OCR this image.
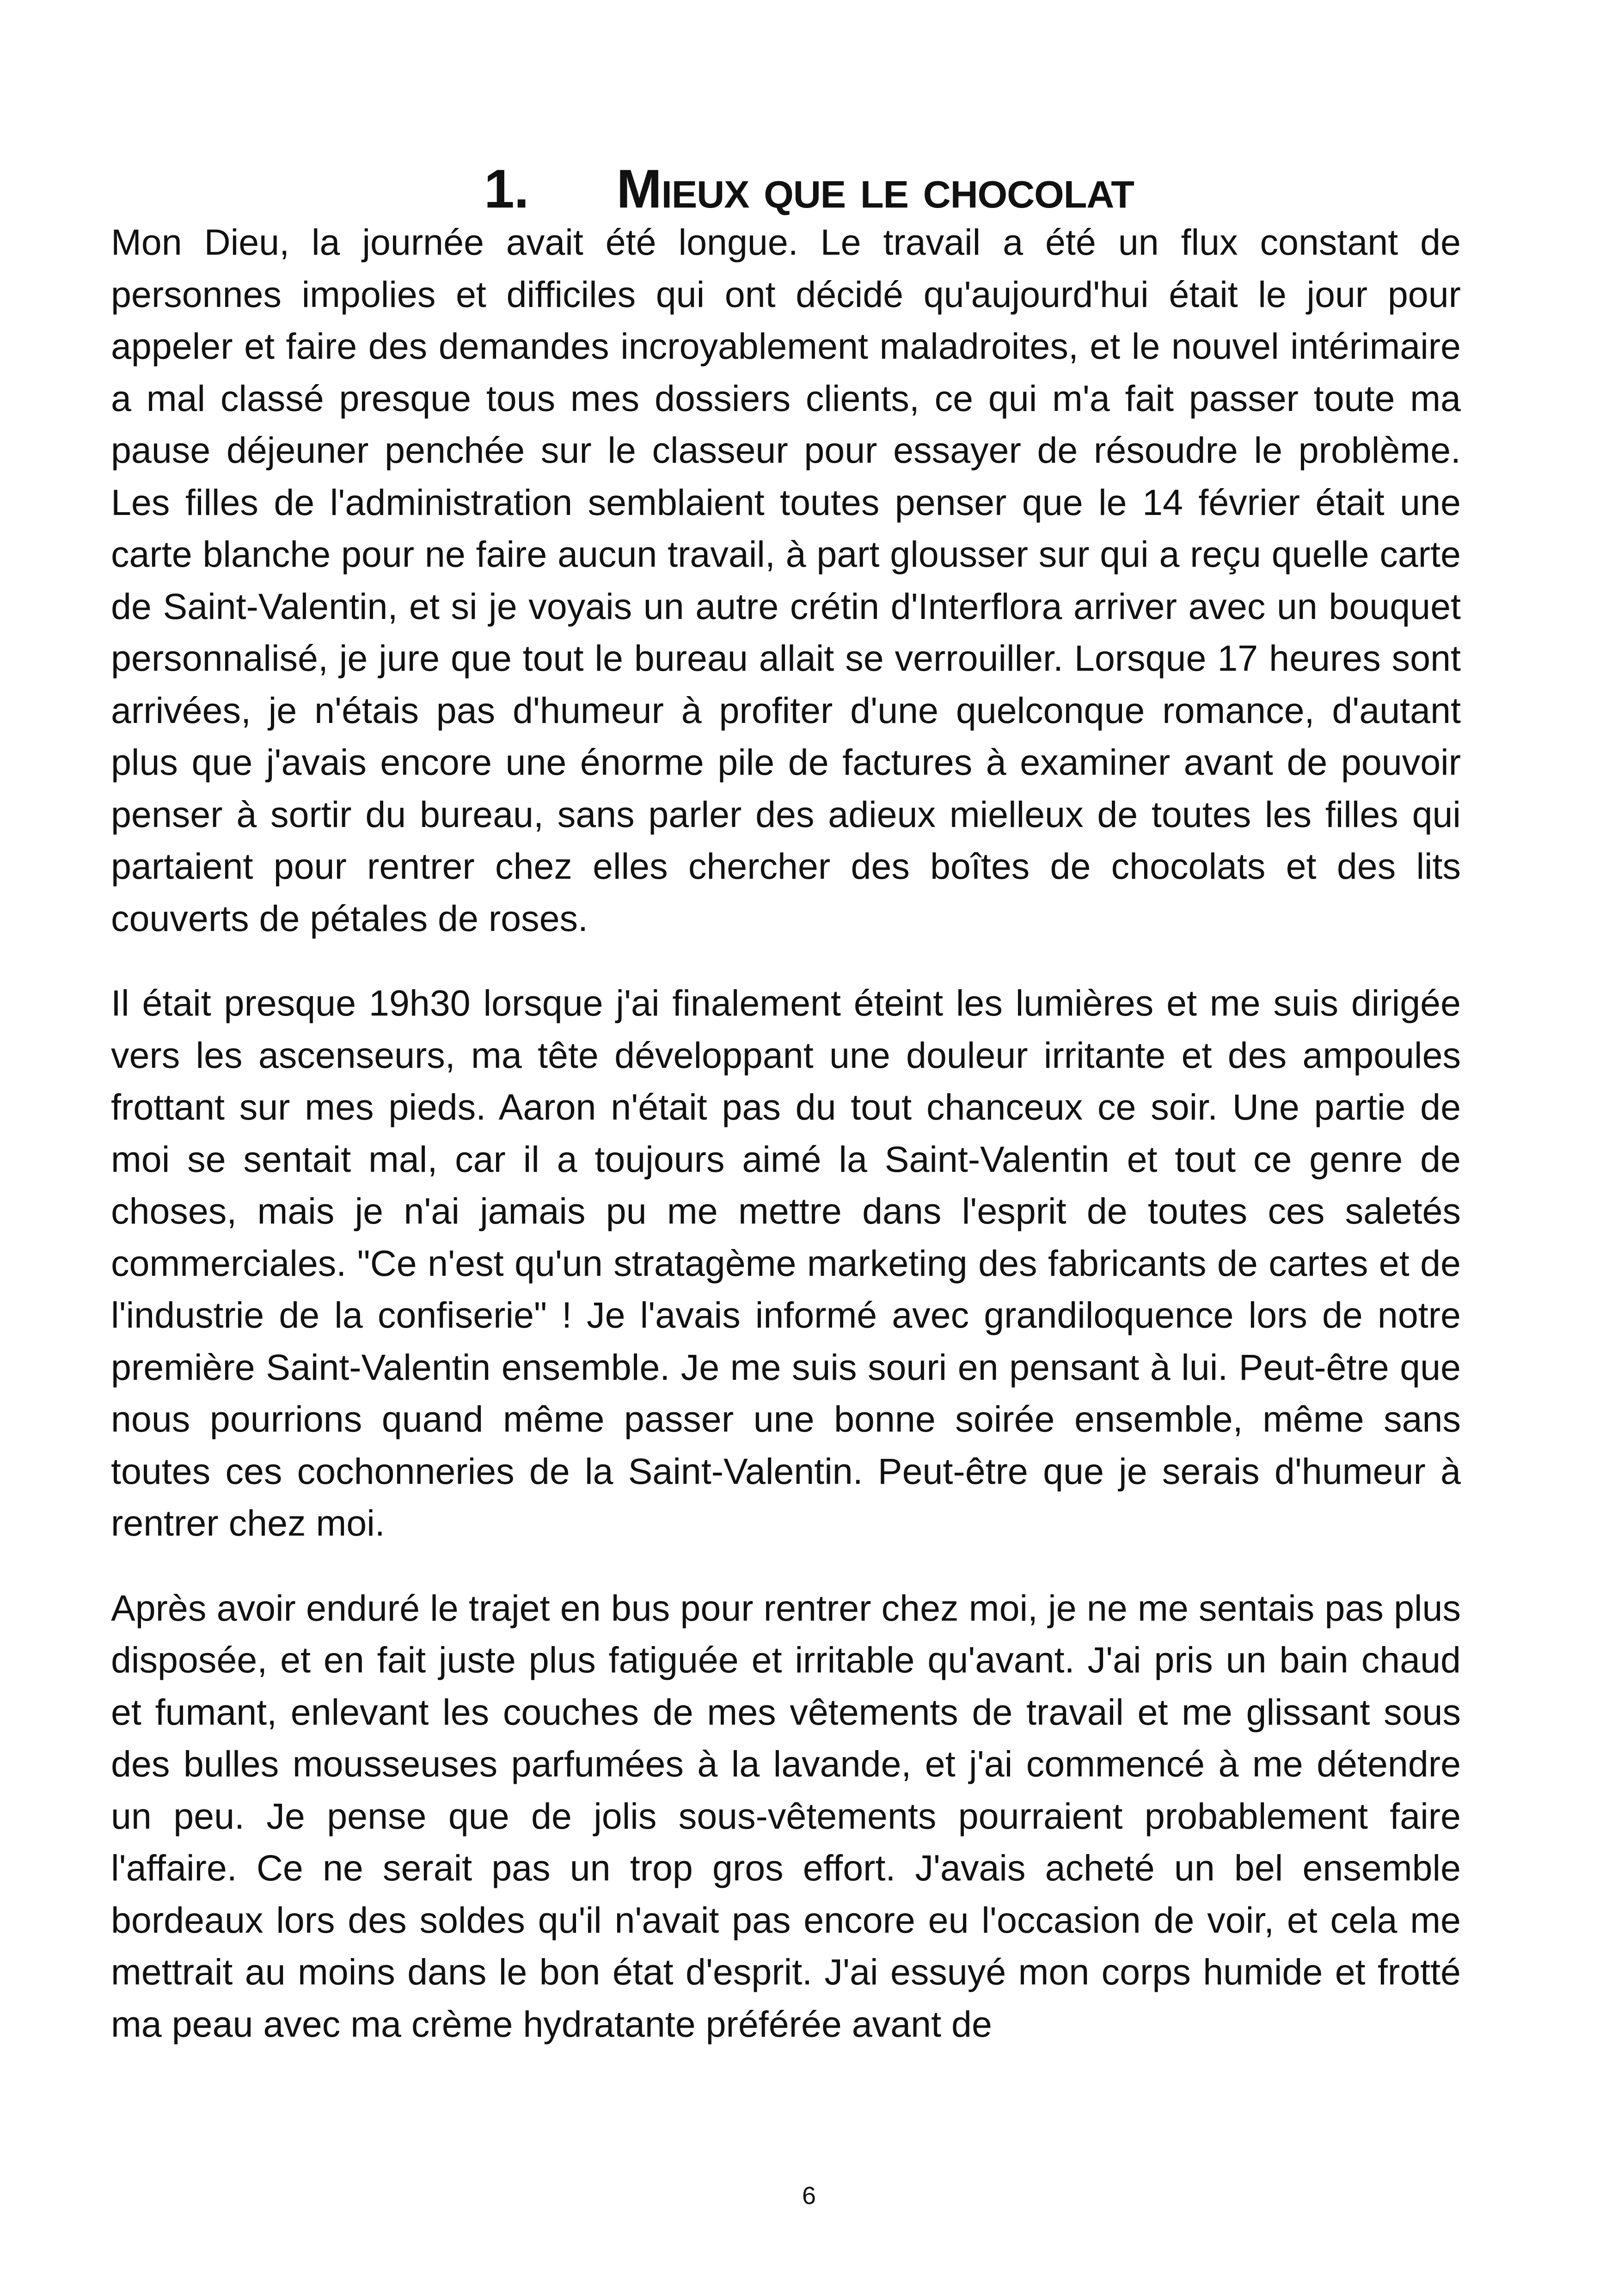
1. Mieux que le chocolat

Mon Dieu, la journée avait été longue. Le travail a été un flux constant de personnes impolies et difficiles qui ont décidé qu'aujourd'hui était le jour pour appeler et faire des demandes incroyablement maladroites, et le nouvel intérimaire a mal classé presque tous mes dossiers clients, ce qui m'a fait passer toute ma pause déjeuner penchée sur le classeur pour essayer de résoudre le problème. Les filles de l'administration semblaient toutes penser que le 14 février était une carte blanche pour ne faire aucun travail, à part glousser sur qui a reçu quelle carte de Saint-Valentin, et si je voyais un autre crétin d'Interflora arriver avec un bouquet personnalisé, je jure que tout le bureau allait se verrouiller. Lorsque 17 heures sont arrivées, je n'étais pas d'humeur à profiter d'une quelconque romance, d'autant plus que j'avais encore une énorme pile de factures à examiner avant de pouvoir penser à sortir du bureau, sans parler des adieux mielleux de toutes les filles qui partaient pour rentrer chez elles chercher des boîtes de chocolats et des lits couverts de pétales de roses.

Il était presque 19h30 lorsque j'ai finalement éteint les lumières et me suis dirigée vers les ascenseurs, ma tête développant une douleur irritante et des ampoules frottant sur mes pieds. Aaron n'était pas du tout chanceux ce soir. Une partie de moi se sentait mal, car il a toujours aimé la Saint-Valentin et tout ce genre de choses, mais je n'ai jamais pu me mettre dans l'esprit de toutes ces saletés commerciales. "Ce n'est qu'un stratagème marketing des fabricants de cartes et de l'industrie de la confiserie" ! Je l'avais informé avec grandiloquence lors de notre première Saint-Valentin ensemble. Je me suis souri en pensant à lui. Peut-être que nous pourrions quand même passer une bonne soirée ensemble, même sans toutes ces cochonneries de la Saint-Valentin. Peut-être que je serais d'humeur à rentrer chez moi.

Après avoir enduré le trajet en bus pour rentrer chez moi, je ne me sentais pas plus disposée, et en fait juste plus fatiguée et irritable qu'avant. J'ai pris un bain chaud et fumant, enlevant les couches de mes vêtements de travail et me glissant sous des bulles mousseuses parfumées à la lavande, et j'ai commencé à me détendre un peu. Je pense que de jolis sous-vêtements pourraient probablement faire l'affaire. Ce ne serait pas un trop gros effort. J'avais acheté un bel ensemble bordeaux lors des soldes qu'il n'avait pas encore eu l'occasion de voir, et cela me mettrait au moins dans le bon état d'esprit. J'ai essuyé mon corps humide et frotté ma peau avec ma crème hydratante préférée avant de

6
